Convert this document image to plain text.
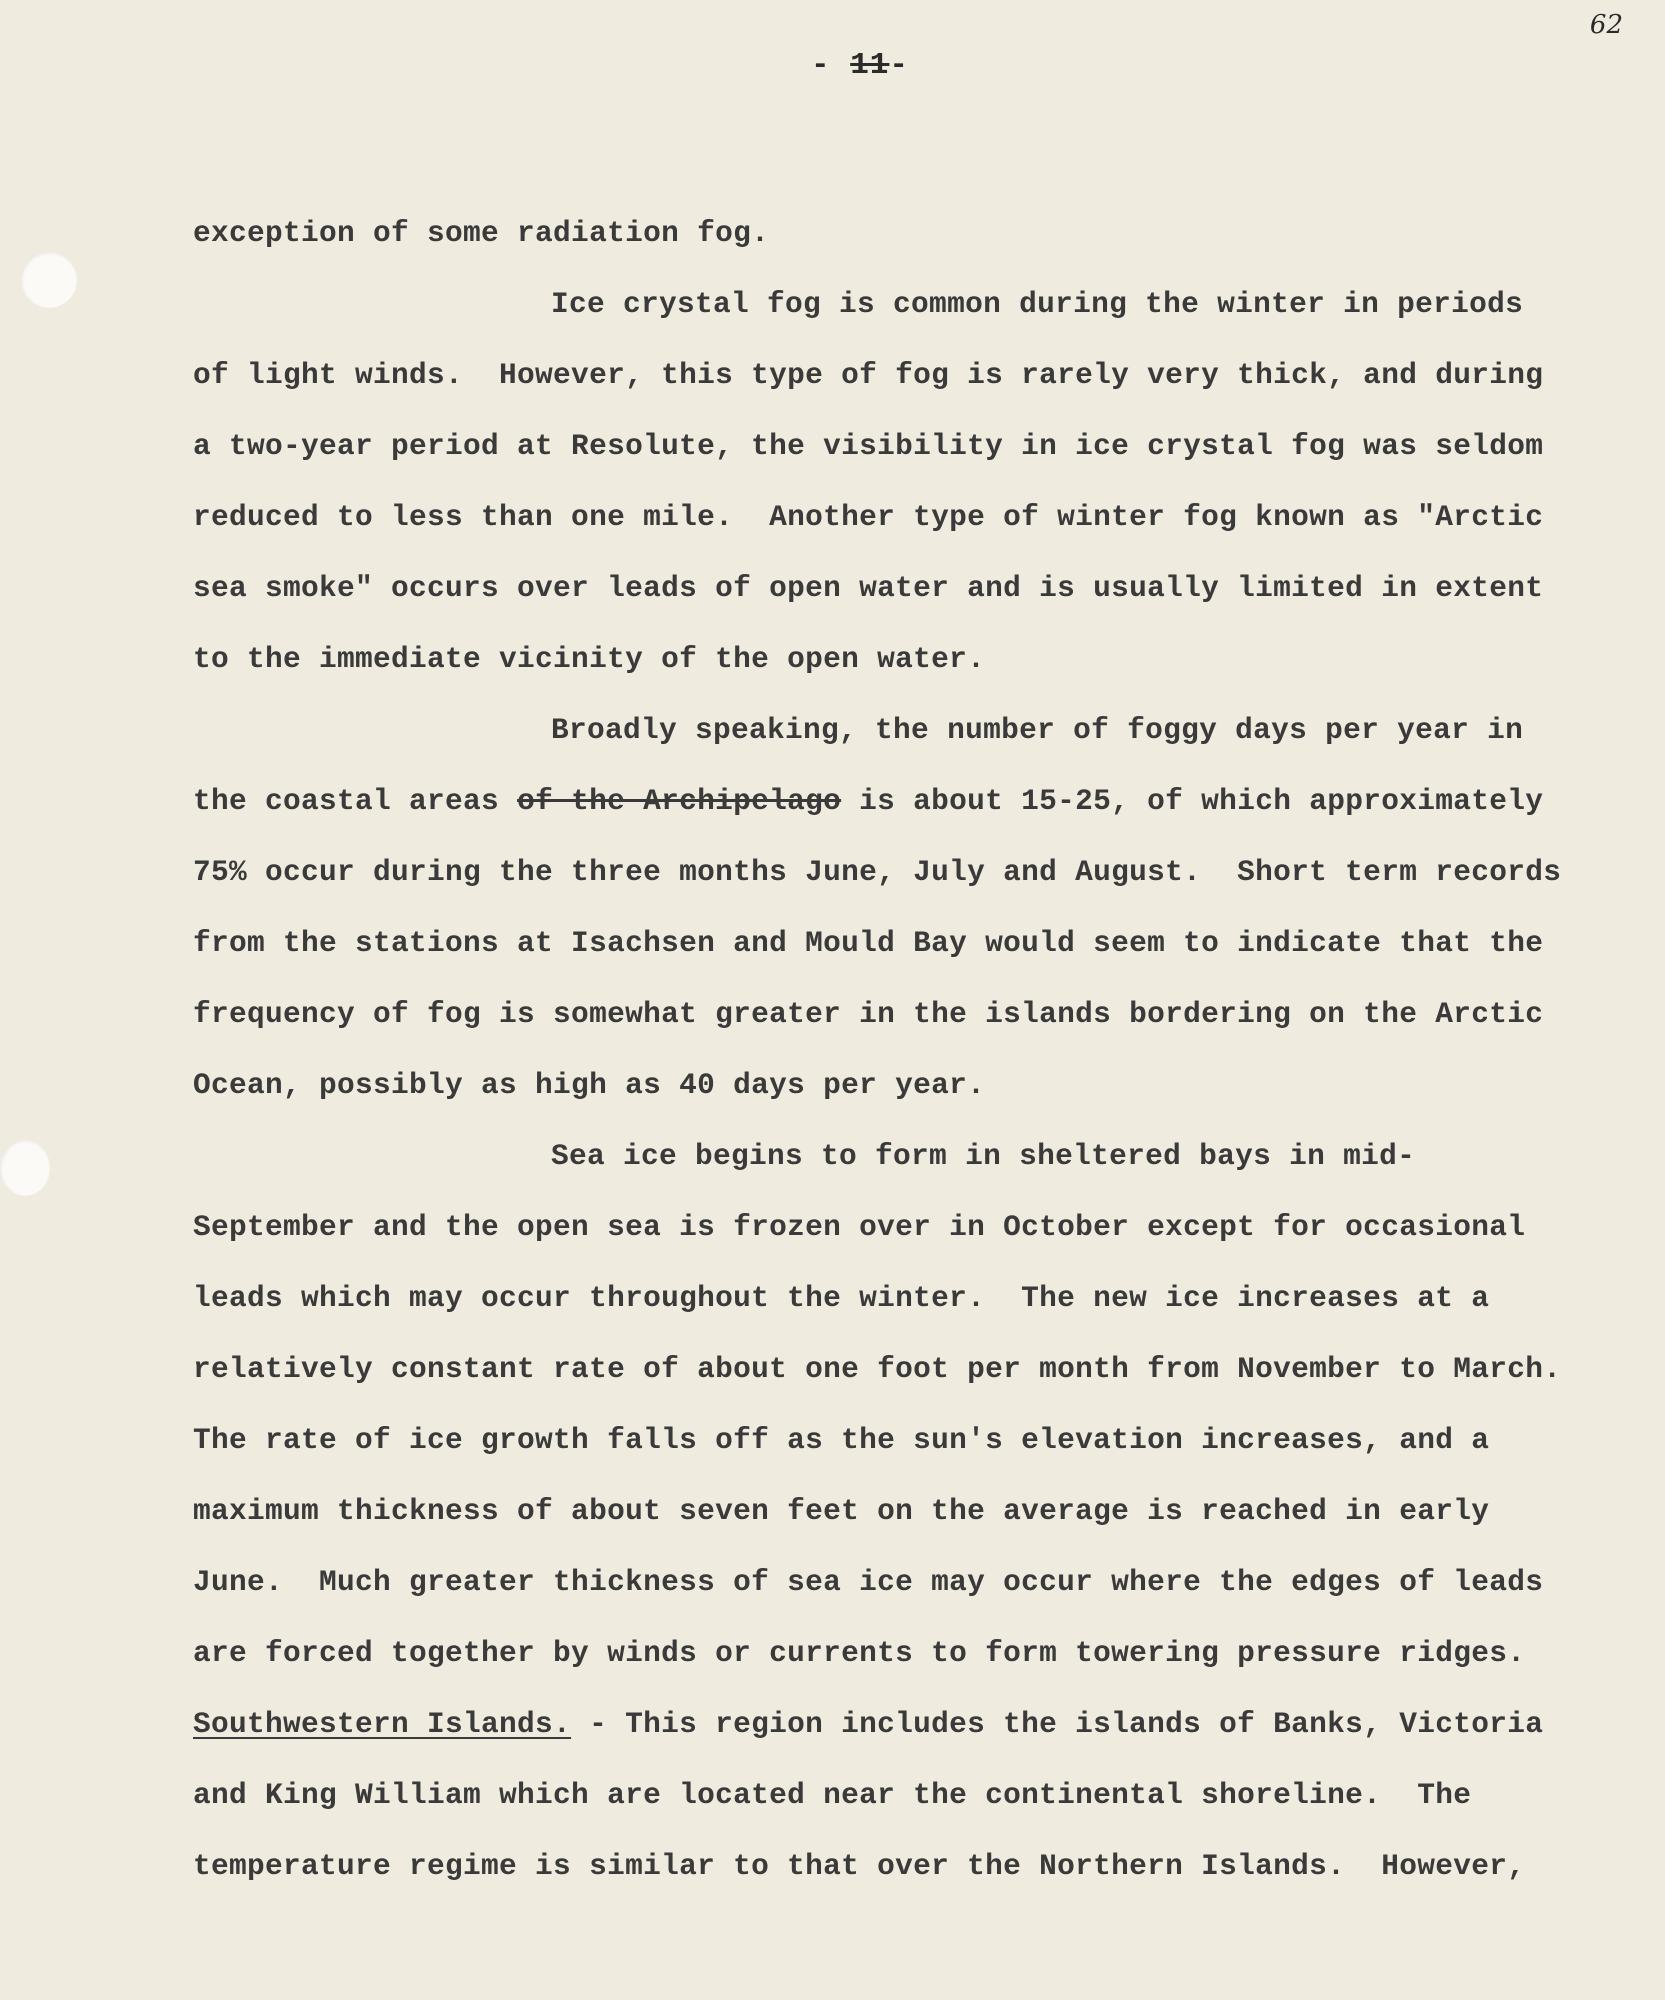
62
- 11-
exception of some radiation fog.
Ice crystal fog is common during the winter in periods
of light winds.  However, this type of fog is rarely very thick, and during
a two-year period at Resolute, the visibility in ice crystal fog was seldom
reduced to less than one mile.  Another type of winter fog known as "Arctic
sea smoke" occurs over leads of open water and is usually limited in extent
to the immediate vicinity of the open water.
Broadly speaking, the number of foggy days per year in
the coastal areas of the Archipelago is about 15-25, of which approximately
75% occur during the three months June, July and August.  Short term records
from the stations at Isachsen and Mould Bay would seem to indicate that the
frequency of fog is somewhat greater in the islands bordering on the Arctic
Ocean, possibly as high as 40 days per year.
Sea ice begins to form in sheltered bays in mid-
September and the open sea is frozen over in October except for occasional
leads which may occur throughout the winter.  The new ice increases at a
relatively constant rate of about one foot per month from November to March.
The rate of ice growth falls off as the sun's elevation increases, and a
maximum thickness of about seven feet on the average is reached in early
June.  Much greater thickness of sea ice may occur where the edges of leads
are forced together by winds or currents to form towering pressure ridges.
Southwestern Islands. - This region includes the islands of Banks, Victoria
and King William which are located near the continental shoreline.  The
temperature regime is similar to that over the Northern Islands.  However,
